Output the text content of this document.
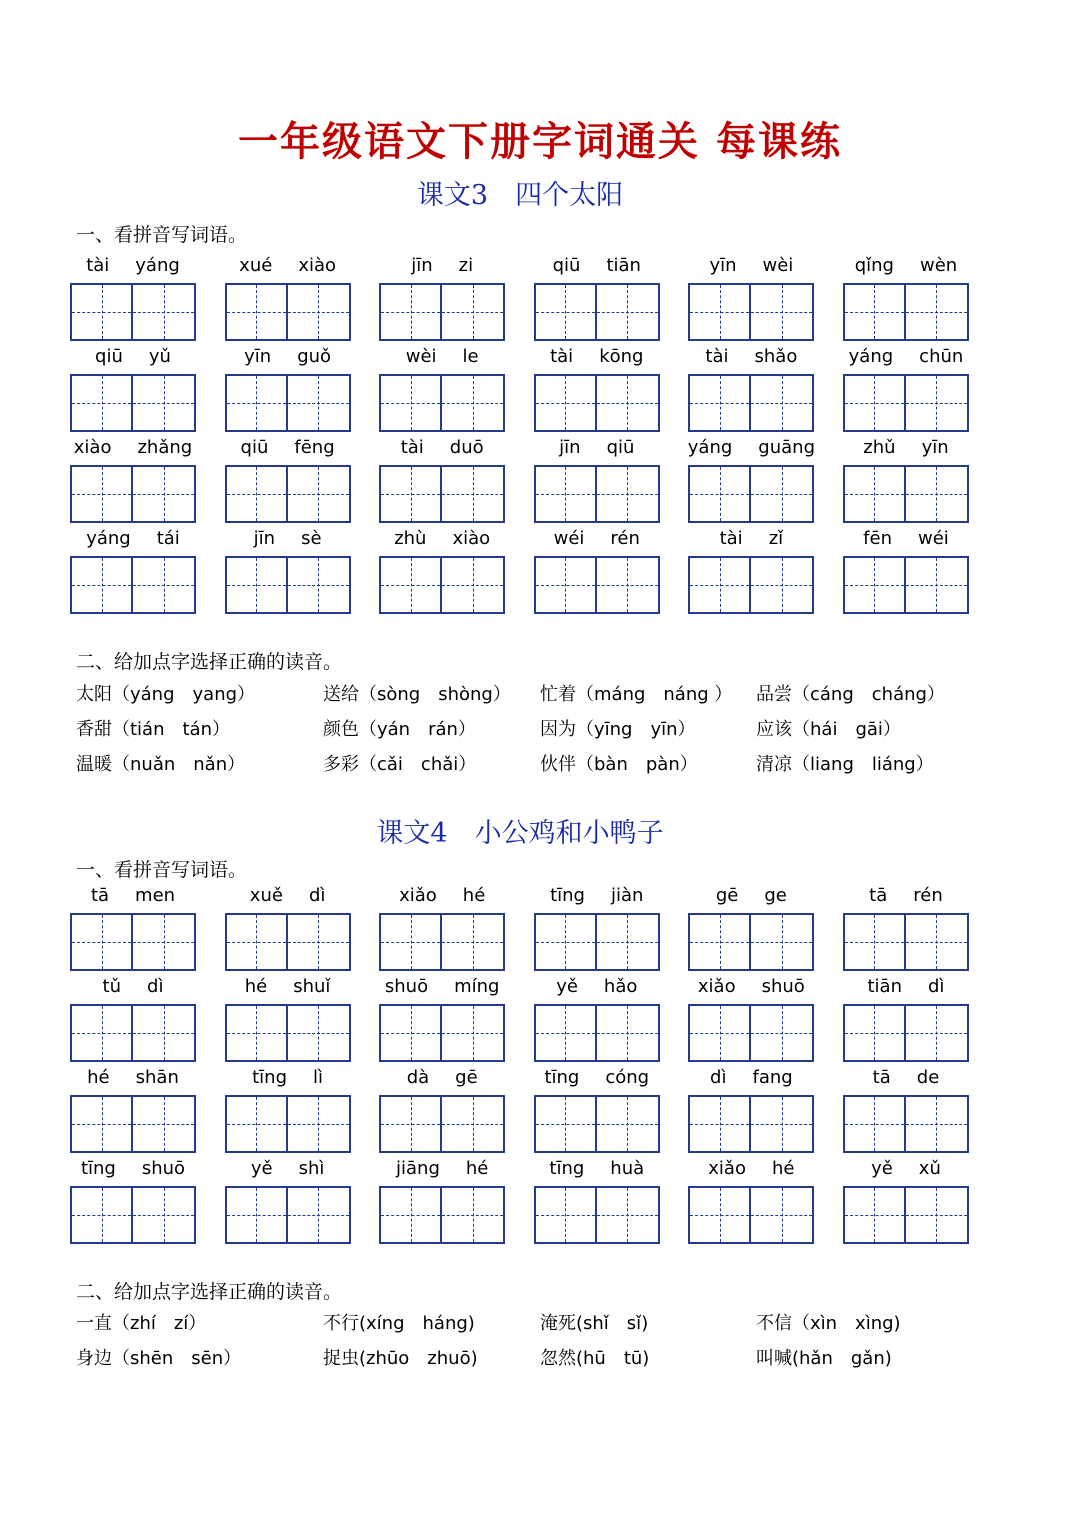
一年级语文下册字词通关 每课练
课文3　四个太阳
一、看拼音写词语。
tài yáng	xué xiào	jīn zi	qiū tiān	yīn wèi	qǐng wèn
qiū yǔ	yīn guǒ	wèi le	tài kōng	tài shǎo	yáng chūn
xiào zhǎng	qiū fēng	tài duō	jīn qiū	yáng guāng	zhǔ yīn
yáng tái	jīn sè	zhù xiào	wéi rén	tài zǐ	fēn wéi
二、给加点字选择正确的读音。
太阳（yáng　yang）	送给（sòng　shòng）	忙着（máng　náng ）	品尝（cáng　cháng）
香甜（tián　tán）	颜色（yán　rán）	因为（yīng　yīn）	应该（hái　gāi）
温暖（nuǎn　nǎn）	多彩（cǎi　chǎi）	伙伴（bàn　pàn）	清凉（liang　liáng）
课文4　小公鸡和小鸭子
一、看拼音写词语。
tā men	xuě dì	xiǎo hé	tīng jiàn	gē ge	tā rén
tǔ dì	hé shuǐ	shuō míng	yě hǎo	xiǎo shuō	tiān dì
hé shān	tīng lì	dà gē	tīng cóng	dì fang	tā de
tīng shuō	yě shì	jiāng hé	tīng huà	xiǎo hé	yě xǔ
二、给加点字选择正确的读音。
一直（zhí　zí）	不行(xíng　háng)	淹死(shǐ　sǐ)	不信（xìn　xìng)
身边（shēn　sēn）	捉虫(zhūo　zhuō)	忽然(hū　tū)	叫喊(hǎn　gǎn)
